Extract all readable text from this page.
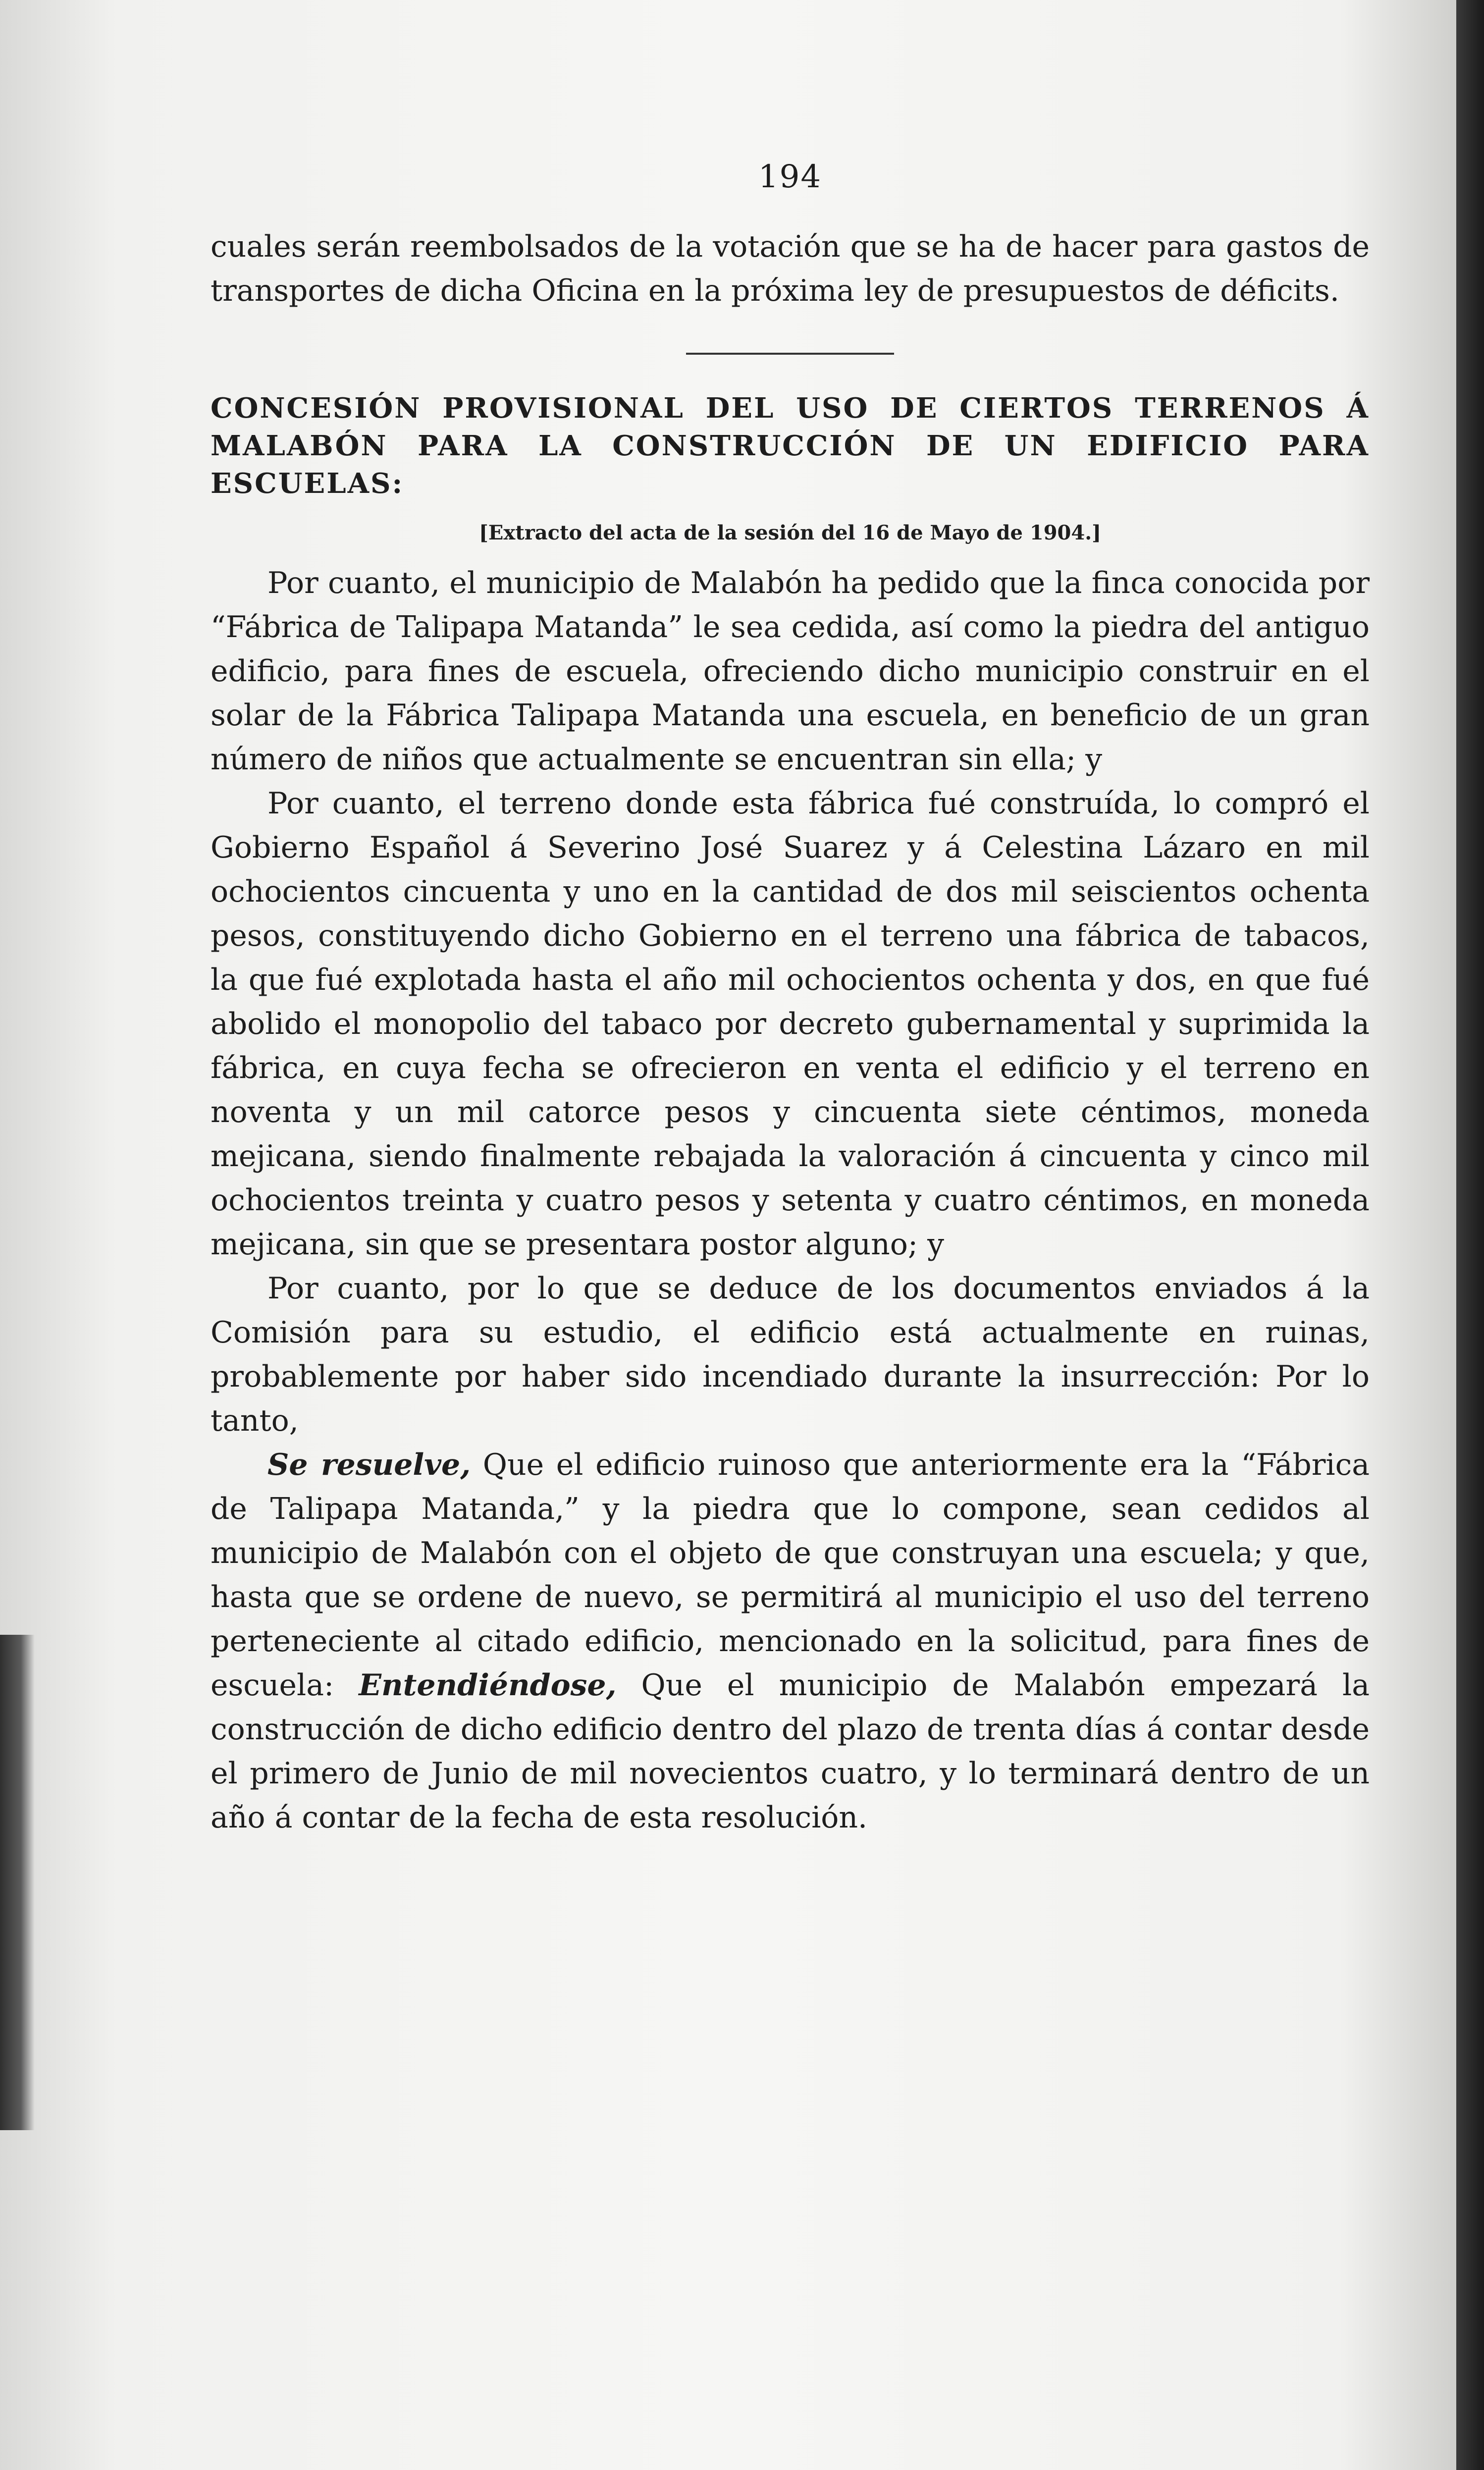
194

cuales serán reembolsados de la votación que se ha de hacer para gastos de transportes de dicha Oficina en la próxima ley de presupuestos de déficits.

CONCESIÓN PROVISIONAL DEL USO DE CIERTOS TERRENOS Á MALABÓN PARA LA CONSTRUCCIÓN DE UN EDIFICIO PARA ESCUELAS:
[Extracto del acta de la sesión del 16 de Mayo de 1904.]

Por cuanto, el municipio de Malabón ha pedido que la finca conocida por “Fábrica de Talipapa Matanda” le sea cedida, así como la piedra del antiguo edificio, para fines de escuela, ofreciendo dicho municipio construir en el solar de la Fábrica Talipapa Matanda una escuela, en beneficio de un gran número de niños que actualmente se encuentran sin ella; y

Por cuanto, el terreno donde esta fábrica fué construída, lo compró el Gobierno Español á Severino José Suarez y á Celestina Lázaro en mil ochocientos cincuenta y uno en la cantidad de dos mil seiscientos ochenta pesos, constituyendo dicho Gobierno en el terreno una fábrica de tabacos, la que fué explotada hasta el año mil ochocientos ochenta y dos, en que fué abolido el monopolio del tabaco por decreto gubernamental y suprimida la fábrica, en cuya fecha se ofrecieron en venta el edificio y el terreno en noventa y un mil catorce pesos y cincuenta siete céntimos, moneda mejicana, siendo finalmente rebajada la valoración á cincuenta y cinco mil ochocientos treinta y cuatro pesos y setenta y cuatro céntimos, en moneda mejicana, sin que se presentara postor alguno; y

Por cuanto, por lo que se deduce de los documentos enviados á la Comisión para su estudio, el edificio está actualmente en ruinas, probablemente por haber sido incendiado durante la insurrección: Por lo tanto,

Se resuelve, Que el edificio ruinoso que anteriormente era la “Fábrica de Talipapa Matanda,” y la piedra que lo compone, sean cedidos al municipio de Malabón con el objeto de que construyan una escuela; y que, hasta que se ordene de nuevo, se permitirá al municipio el uso del terreno perteneciente al citado edificio, mencionado en la solicitud, para fines de escuela: Entendiéndose, Que el municipio de Malabón empezará la construcción de dicho edificio dentro del plazo de trenta días á contar desde el primero de Junio de mil novecientos cuatro, y lo terminará dentro de un año á contar de la fecha de esta resolución.
